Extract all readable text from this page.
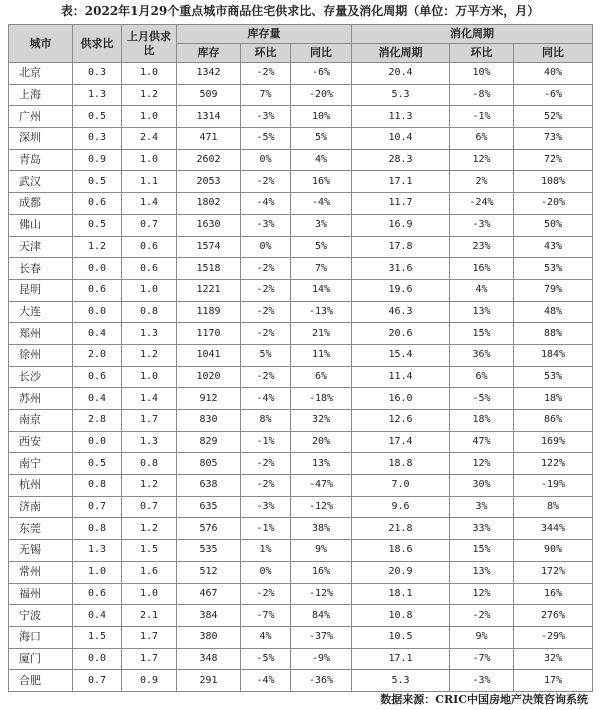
表：2022年1月29个重点城市商品住宅供求比、存量及消化周期（单位：万平方米，月）
城市	供求比	上月供求比	库存量			消化周期		
			库存	环比	同比	消化周期	环比	同比
北京	0.3	1.0	1342	-2%	-6%	20.4	10%	40%
上海	1.3	1.2	509	7%	-20%	5.3	-8%	-6%
广州	0.5	1.0	1314	-3%	10%	11.3	-1%	52%
深圳	0.3	2.4	471	-5%	5%	10.4	6%	73%
青岛	0.9	1.0	2602	0%	4%	28.3	12%	72%
武汉	0.5	1.1	2053	-2%	16%	17.1	2%	108%
成都	0.6	1.4	1802	-4%	-4%	11.7	-24%	-20%
佛山	0.5	0.7	1630	-3%	3%	16.9	-3%	50%
天津	1.2	0.6	1574	0%	5%	17.8	23%	43%
长春	0.0	0.6	1518	-2%	7%	31.6	16%	53%
昆明	0.6	1.0	1221	-2%	14%	19.6	4%	79%
大连	0.0	0.8	1189	-2%	-13%	46.3	13%	48%
郑州	0.4	1.3	1170	-2%	21%	20.6	15%	88%
徐州	2.0	1.2	1041	5%	11%	15.4	36%	184%
长沙	0.6	1.0	1020	-2%	6%	11.4	6%	53%
苏州	0.4	1.4	912	-4%	-18%	16.0	-5%	18%
南京	2.8	1.7	830	8%	32%	12.6	18%	86%
西安	0.0	1.3	829	-1%	20%	17.4	47%	169%
南宁	0.5	0.8	805	-2%	13%	18.8	12%	122%
杭州	0.8	1.2	638	-2%	-47%	7.0	30%	-19%
济南	0.7	0.7	635	-3%	-12%	9.6	3%	8%
东莞	0.8	1.2	576	-1%	38%	21.8	33%	344%
无锡	1.3	1.5	535	1%	9%	18.6	15%	90%
常州	1.0	1.6	512	0%	16%	20.9	13%	172%
福州	0.6	1.0	467	-2%	-12%	18.1	12%	16%
宁波	0.4	2.1	384	-7%	84%	10.8	-2%	276%
海口	1.5	1.7	380	4%	-37%	10.5	9%	-29%
厦门	0.0	1.7	348	-5%	-9%	17.1	-7%	32%
合肥	0.7	0.9	291	-4%	-36%	5.3	-3%	17%
数据来源：CRIC中国房地产决策咨询系统
